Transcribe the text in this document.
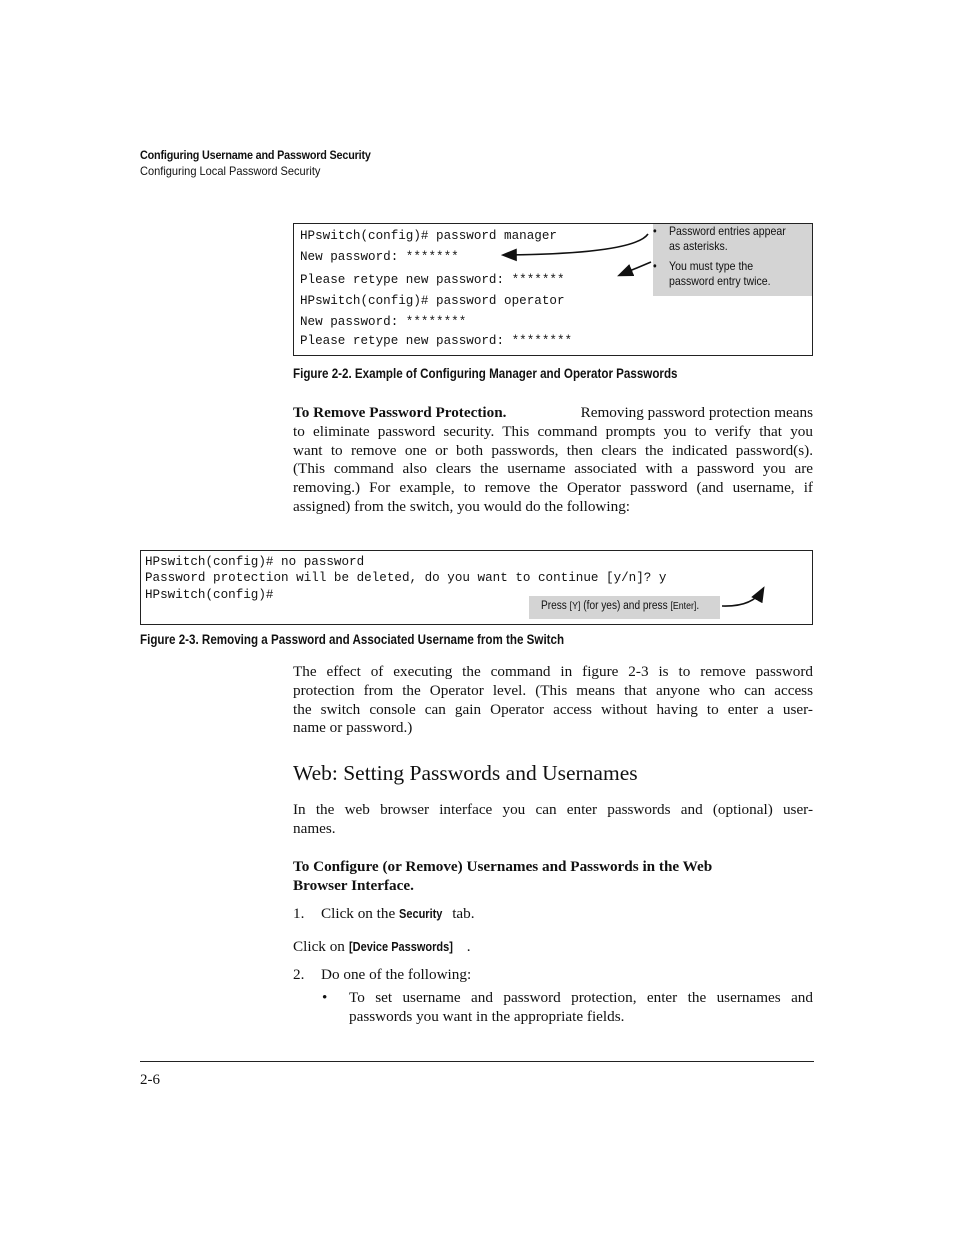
Configuring Username and Password Security
Configuring Local Password Security
HPswitch(config)# password manager
New password: *******
Please retype new password: *******
HPswitch(config)# password operator
New password: ********
Please retype new password: ********
• Password entries appear
as asterisks.
• You must type the
password entry twice.
Figure 2-2. Example of Configuring Manager and Operator Passwords
To Remove Password Protection.	Removing password protection means
to eliminate password security. This command prompts you to verify that you
want to remove one or both passwords, then clears the indicated password(s).
(This command also clears the username associated with a password you are
removing.) For example, to remove the Operator password (and username, if
assigned) from the switch, you would do the following:
HPswitch(config)# no password
Password protection will be deleted, do you want to continue [y/n]? y
HPswitch(config)#
Press [Y] (for yes) and press [Enter].
Figure 2-3. Removing a Password and Associated Username from the Switch
The effect of executing the command in figure 2-3 is to remove password
protection from the Operator level. (This means that anyone who can access
the switch console can gain Operator access without having to enter a user-
name or password.)
Web: Setting Passwords and Usernames
In the web browser interface you can enter passwords and (optional) user-
names.
To Configure (or Remove) Usernames and Passwords in the Web
Browser Interface.
1. Click on the Security tab.
Click on [Device Passwords] .
2. Do one of the following:
• To set username and password protection, enter the usernames and
passwords you want in the appropriate fields.
2-6
